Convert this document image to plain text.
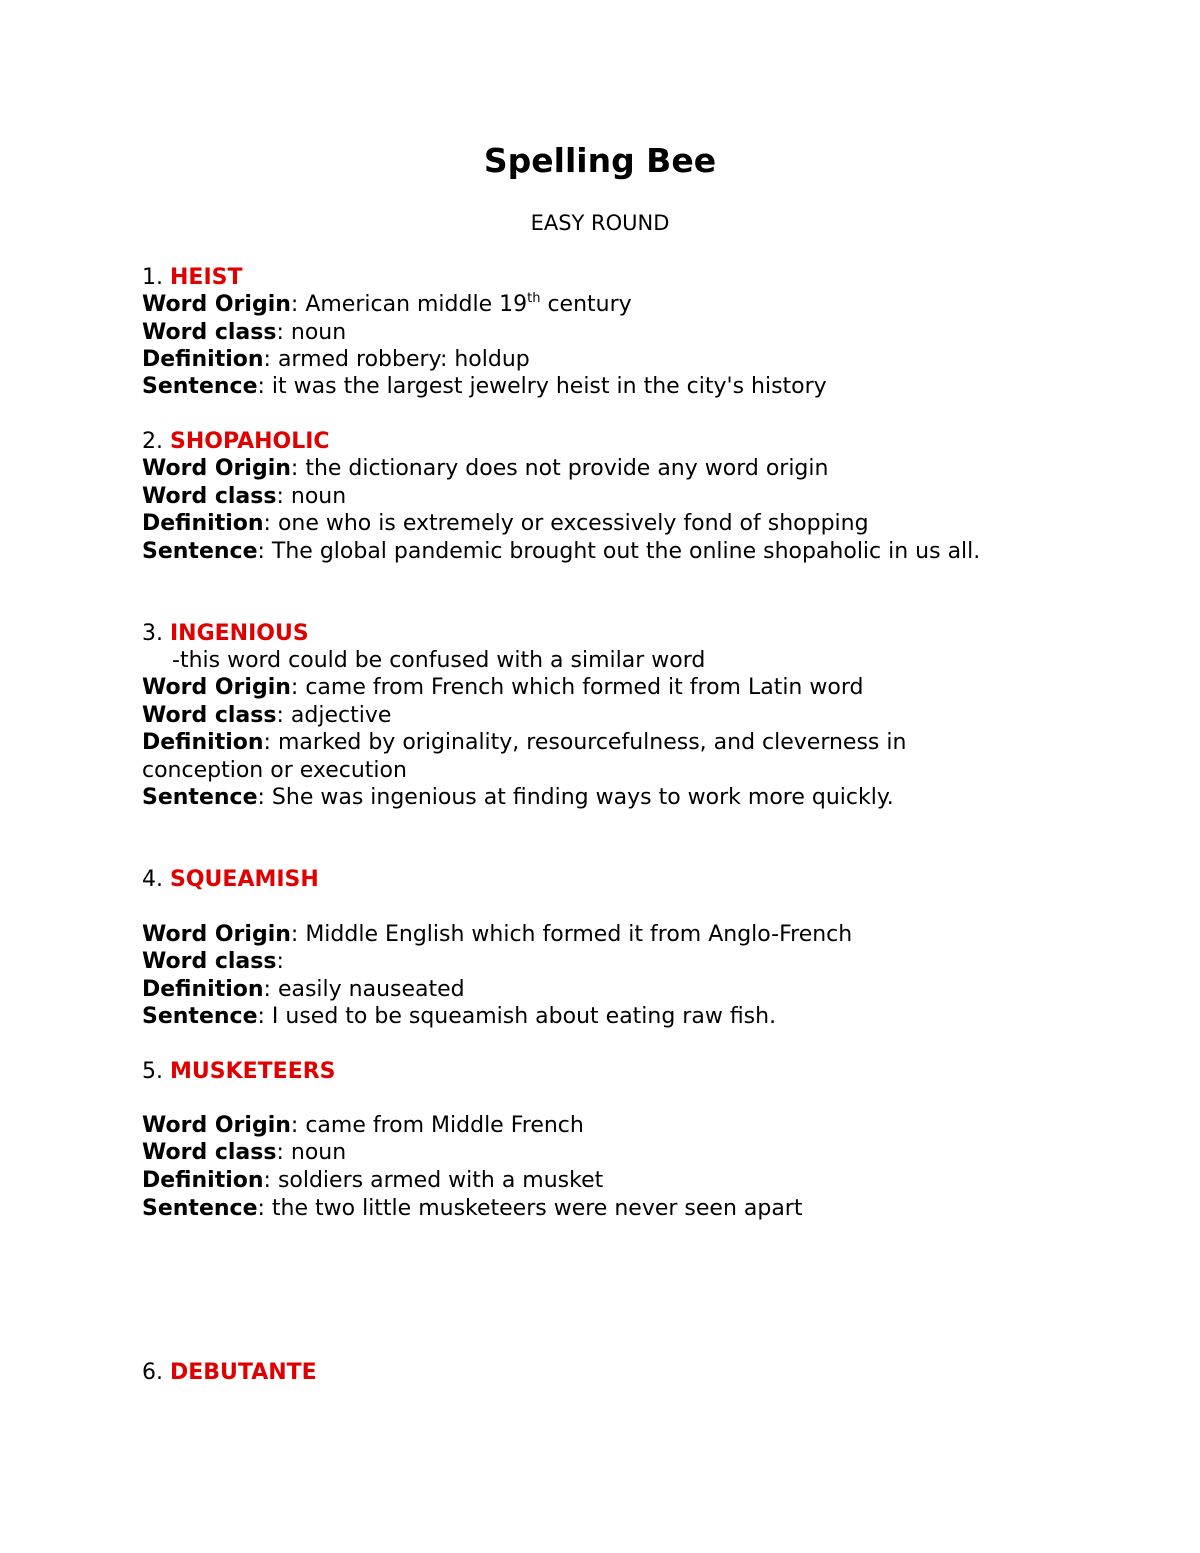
Spelling Bee
EASY ROUND
1. HEIST
Word Origin: American middle 19th century
Word class: noun
Definition: armed robbery: holdup
Sentence: it was the largest jewelry heist in the city's history
2. SHOPAHOLIC
Word Origin: the dictionary does not provide any word origin
Word class: noun
Definition: one who is extremely or excessively fond of shopping
Sentence: The global pandemic brought out the online shopaholic in us all.
3. INGENIOUS
-this word could be confused with a similar word
Word Origin: came from French which formed it from Latin word
Word class: adjective
Definition: marked by originality, resourcefulness, and cleverness in
conception or execution
Sentence: She was ingenious at finding ways to work more quickly.
4. SQUEAMISH
Word Origin: Middle English which formed it from Anglo-French
Word class:
Definition: easily nauseated
Sentence: I used to be squeamish about eating raw fish.
5. MUSKETEERS
Word Origin: came from Middle French
Word class: noun
Definition: soldiers armed with a musket
Sentence: the two little musketeers were never seen apart
6. DEBUTANTE
